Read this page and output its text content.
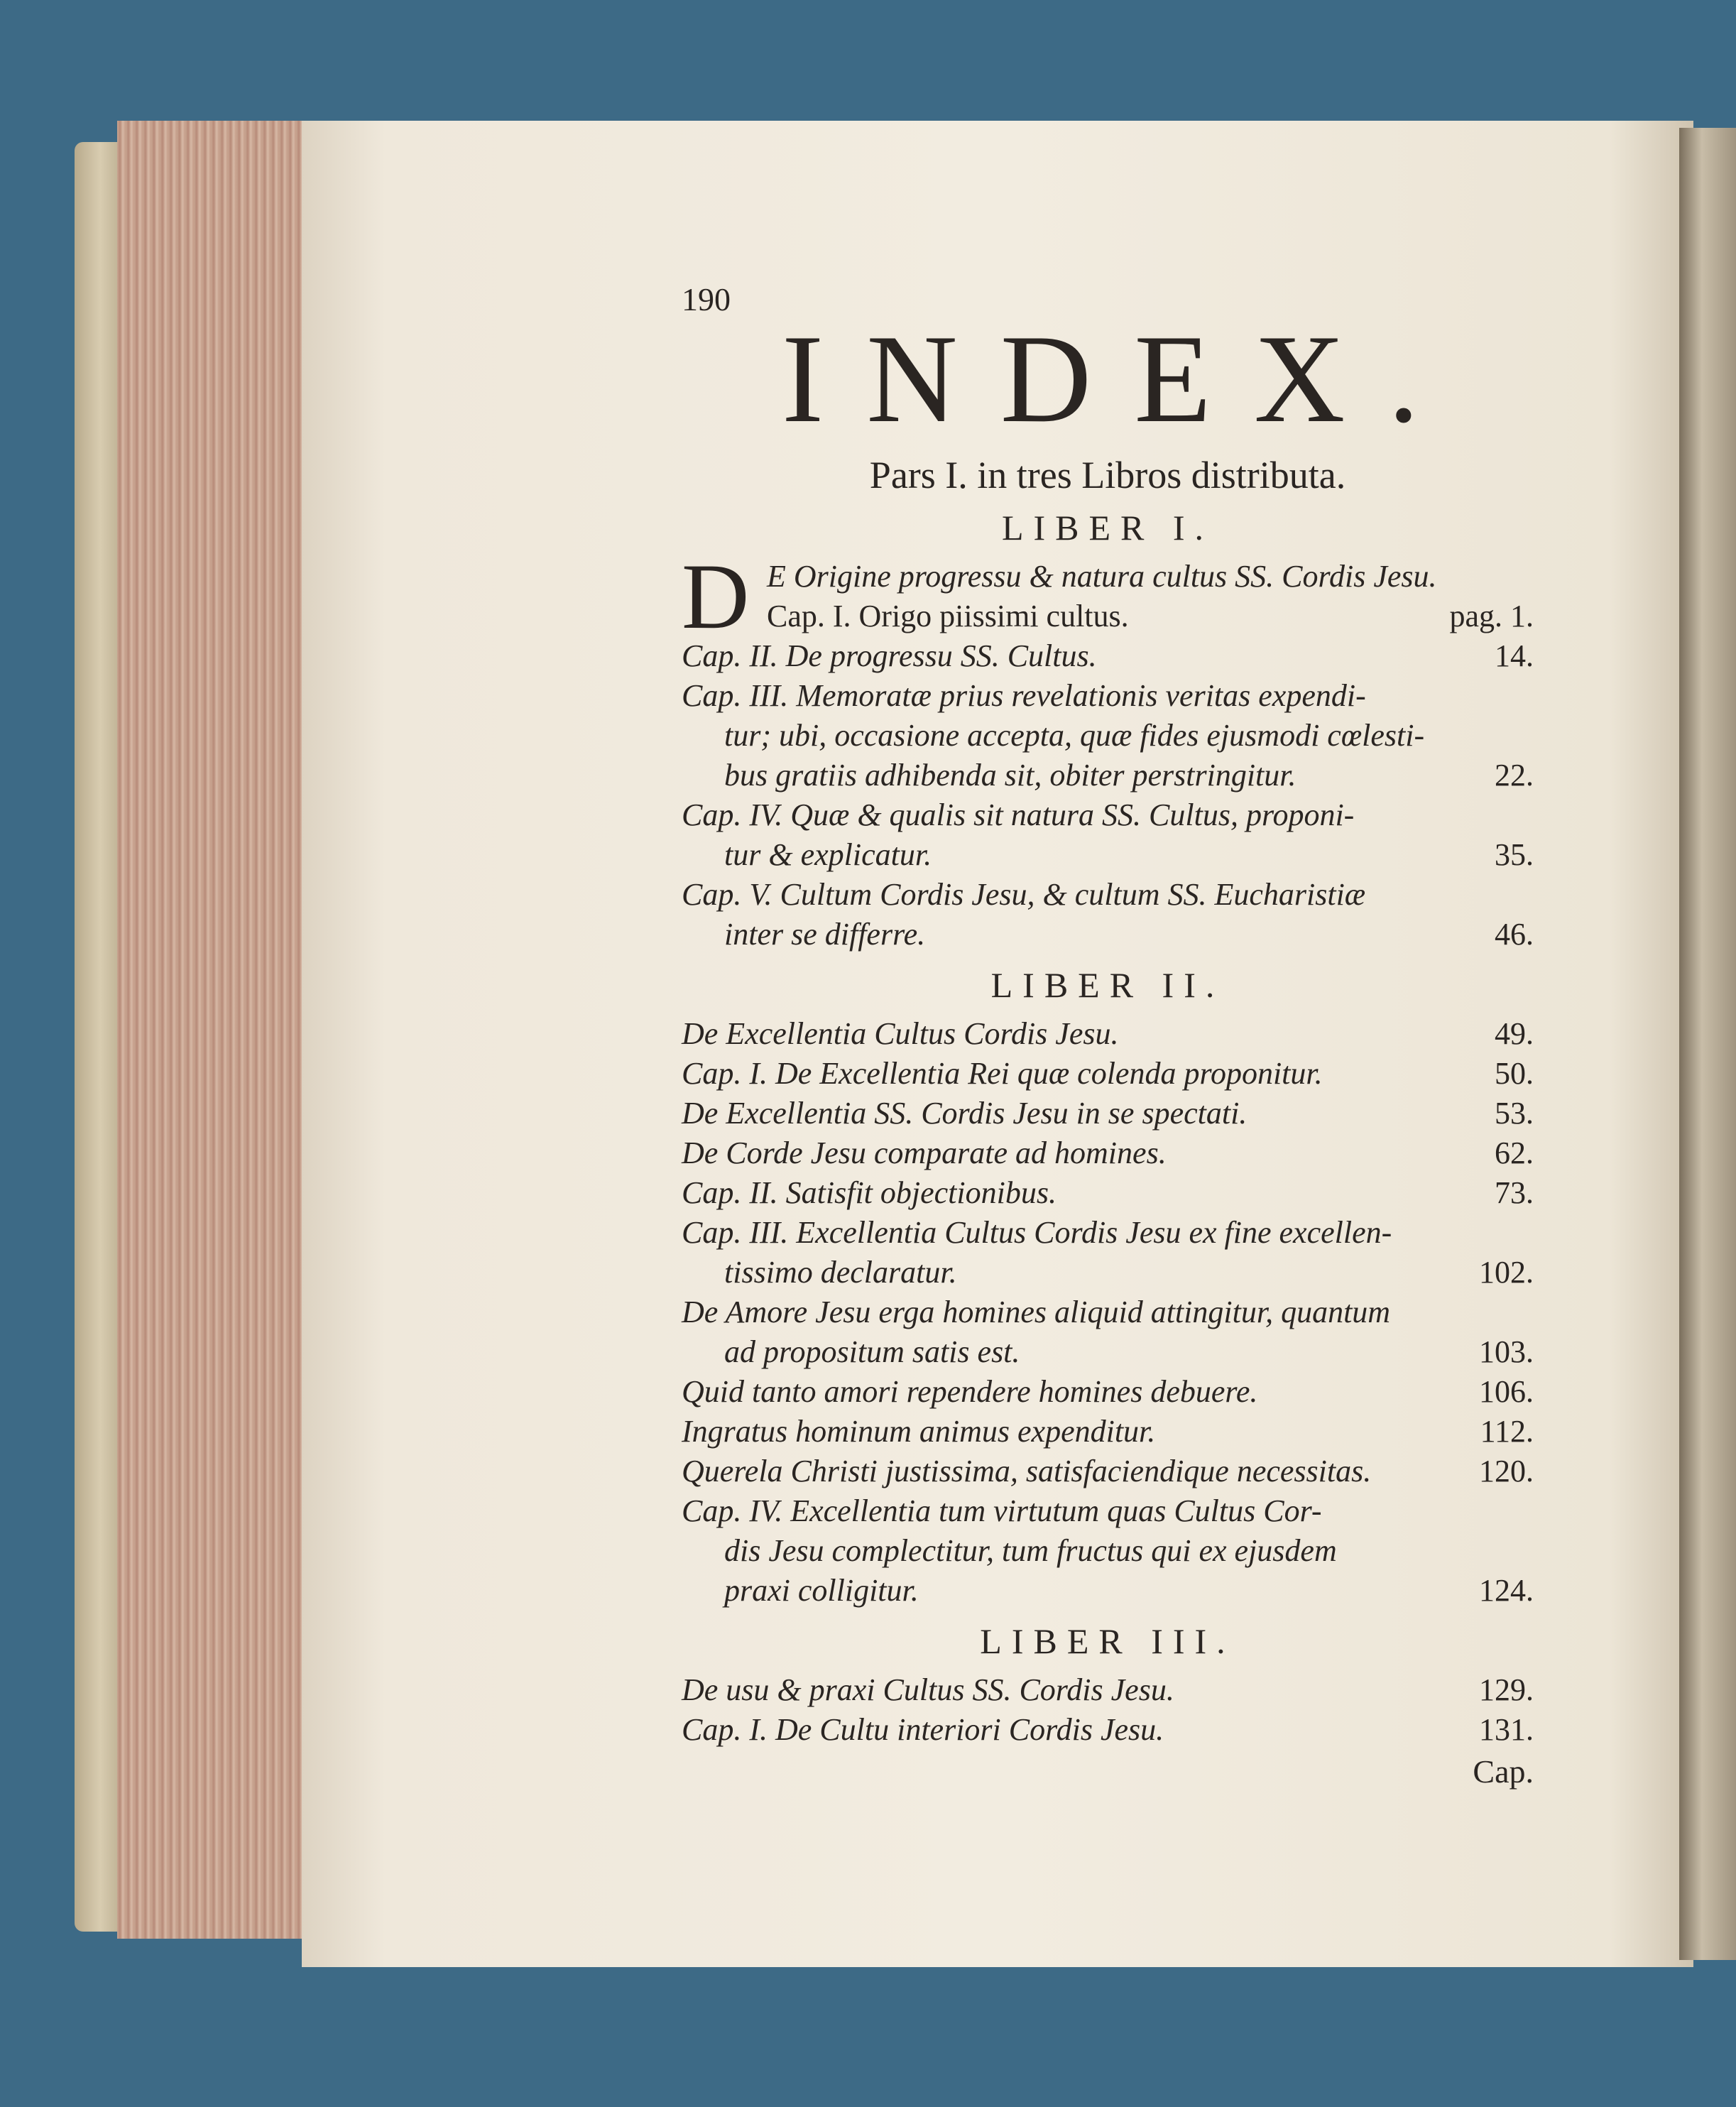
190
INDEX.
Pars I. in tres Libros distributa.
LIBER I.
D E Origine progressu & natura cultus SS. Cordis Jesu.
Cap. I. Origo piissimi cultus.	pag. 1.
Cap. II. De progressu SS. Cultus.	14.
Cap. III. Memoratæ prius revelationis veritas expendi-
tur; ubi, occasione accepta, quæ fides ejusmodi cœlesti-
bus gratiis adhibenda sit, obiter perstringitur.	22.
Cap. IV. Quæ & qualis sit natura SS. Cultus, proponi-
tur & explicatur.	35.
Cap. V. Cultum Cordis Jesu, & cultum SS. Eucharistiæ
inter se differre.	46.
LIBER II.
De Excellentia Cultus Cordis Jesu.	49.
Cap. I. De Excellentia Rei quæ colenda proponitur.	50.
De Excellentia SS. Cordis Jesu in se spectati.	53.
De Corde Jesu comparate ad homines.	62.
Cap. II. Satisfit objectionibus.	73.
Cap. III. Excellentia Cultus Cordis Jesu ex fine excellen-
tissimo declaratur.	102.
De Amore Jesu erga homines aliquid attingitur, quantum
ad propositum satis est.	103.
Quid tanto amori rependere homines debuere.	106.
Ingratus hominum animus expenditur.	112.
Querela Christi justissima, satisfaciendique necessitas.	120.
Cap. IV. Excellentia tum virtutum quas Cultus Cor-
dis Jesu complectitur, tum fructus qui ex ejusdem
praxi colligitur.	124.
LIBER III.
De usu & praxi Cultus SS. Cordis Jesu.	129.
Cap. I. De Cultu interiori Cordis Jesu.	131.
Cap.
